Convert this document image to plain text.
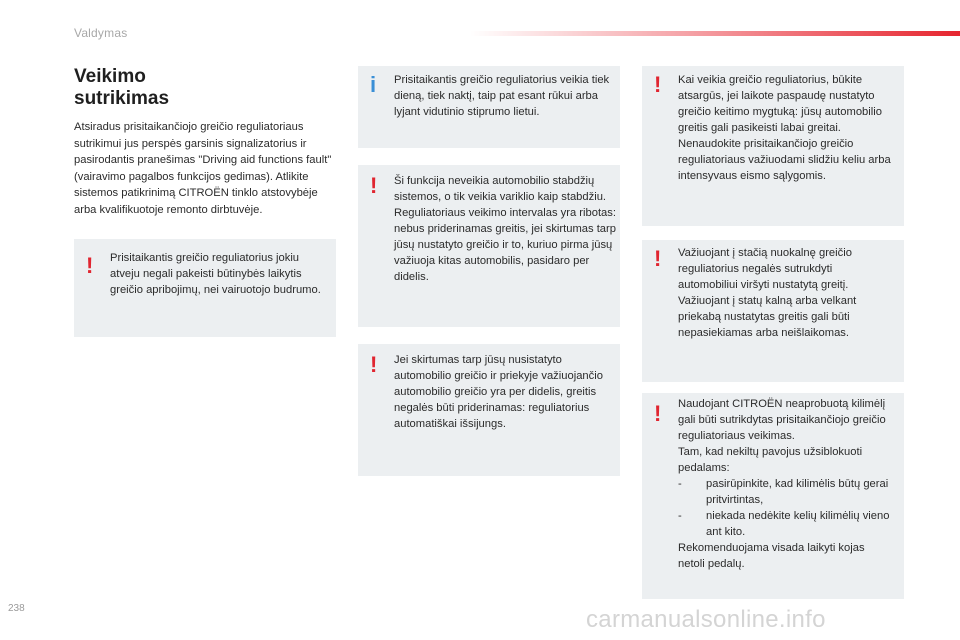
Valdymas
Veikimo
sutrikimas
Atsiradus prisitaikančiojo greičio reguliatoriaus sutrikimui jus perspės garsinis signalizatorius ir pasirodantis pranešimas "Driving aid functions fault" (vairavimo pagalbos funkcijos gedimas). Atlikite sistemos patikrinimą CITROËN tinklo atstovybėje arba kvalifikuotoje remonto dirbtuvėje.
! Prisitaikantis greičio reguliatorius jokiu atveju negali pakeisti būtinybės laikytis greičio apribojimų, nei vairuotojo budrumo.

i Prisitaikantis greičio reguliatorius veikia tiek dieną, tiek naktį, taip pat esant rūkui arba lyjant vidutinio stiprumo lietui.

! Ši funkcija neveikia automobilio stabdžių sistemos, o tik veikia variklio kaip stabdžiu.

Reguliatoriaus veikimo intervalas yra ribotas: nebus priderinamas greitis, jei skirtumas tarp jūsų nustatyto greičio ir to, kuriuo pirma jūsų važiuoja kitas automobilis, pasidaro per didelis.

! Jei skirtumas tarp jūsų nusistatyto automobilio greičio ir priekyje važiuojančio automobilio greičio yra per didelis, greitis negalės būti priderinamas: reguliatorius automatiškai išsijungs.

! Kai veikia greičio reguliatorius, būkite atsargūs, jei laikote paspaudę nustatyto greičio keitimo mygtuką: jūsų automobilio greitis gali pasikeisti labai greitai.

Nenaudokite prisitaikančiojo greičio reguliatoriaus važiuodami slidžiu keliu arba intensyvaus eismo sąlygomis.

! Važiuojant į stačią nuokalnę greičio reguliatorius negalės sutrukdyti automobiliui viršyti nustatytą greitį.

Važiuojant į statų kalną arba velkant priekabą nustatytas greitis gali būti nepasiekiamas arba neišlaikomas.

! Naudojant CITROËN neaprobuotą kilimėlį gali būti sutrikdytas prisitaikančiojo greičio reguliatoriaus veikimas.

Tam, kad nekiltų pavojus užsiblokuoti pedalams:

-	pasirūpinkite, kad kilimėlis būtų gerai pritvirtintas,
-	niekada nedėkite kelių kilimėlių vieno ant kito.

Rekomenduojama visada laikyti kojas netoli pedalų.

238	carmanualsonline.info
